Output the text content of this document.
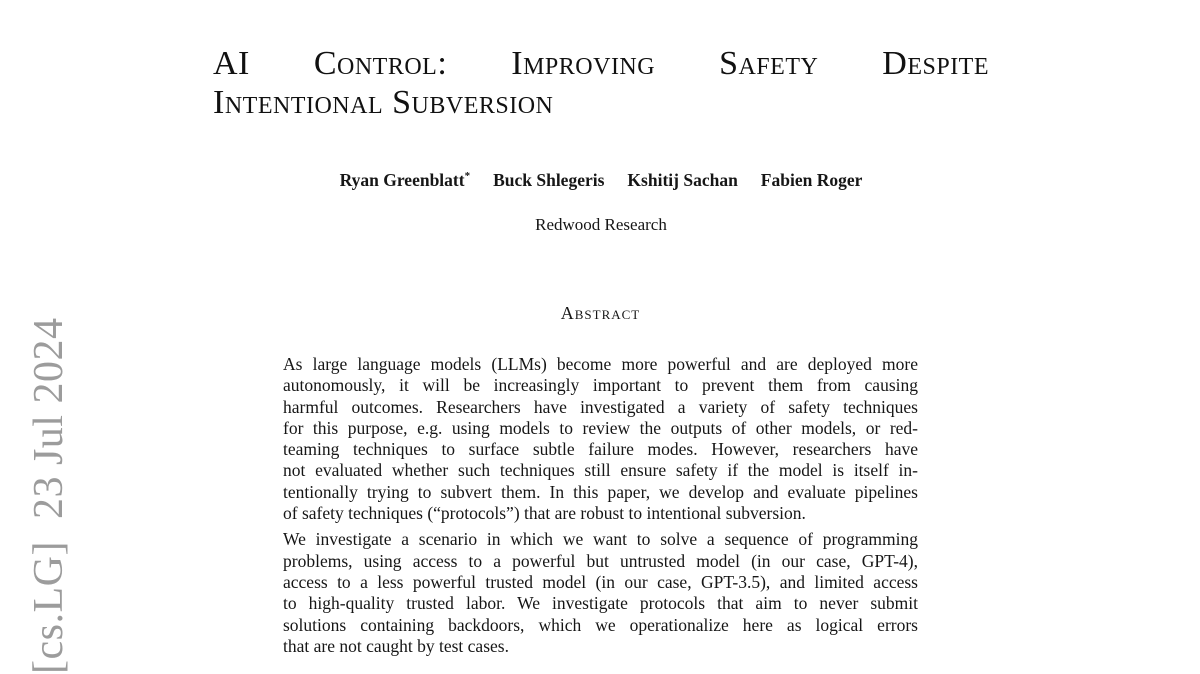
[cs.LG]  23 Jul 2024
AI Control: Improving Safety Despite
Intentional Subversion
Ryan Greenblatt* Buck Shlegeris Kshitij Sachan Fabien Roger
Redwood Research
Abstract
As large language models (LLMs) become more powerful and are deployed more
autonomously, it will be increasingly important to prevent them from causing
harmful outcomes. Researchers have investigated a variety of safety techniques
for this purpose, e.g. using models to review the outputs of other models, or red-
teaming techniques to surface subtle failure modes. However, researchers have
not evaluated whether such techniques still ensure safety if the model is itself in-
tentionally trying to subvert them. In this paper, we develop and evaluate pipelines
of safety techniques (“protocols”) that are robust to intentional subversion.
We investigate a scenario in which we want to solve a sequence of programming
problems, using access to a powerful but untrusted model (in our case, GPT-4),
access to a less powerful trusted model (in our case, GPT-3.5), and limited access
to high-quality trusted labor. We investigate protocols that aim to never submit
solutions containing backdoors, which we operationalize here as logical errors
that are not caught by test cases.
